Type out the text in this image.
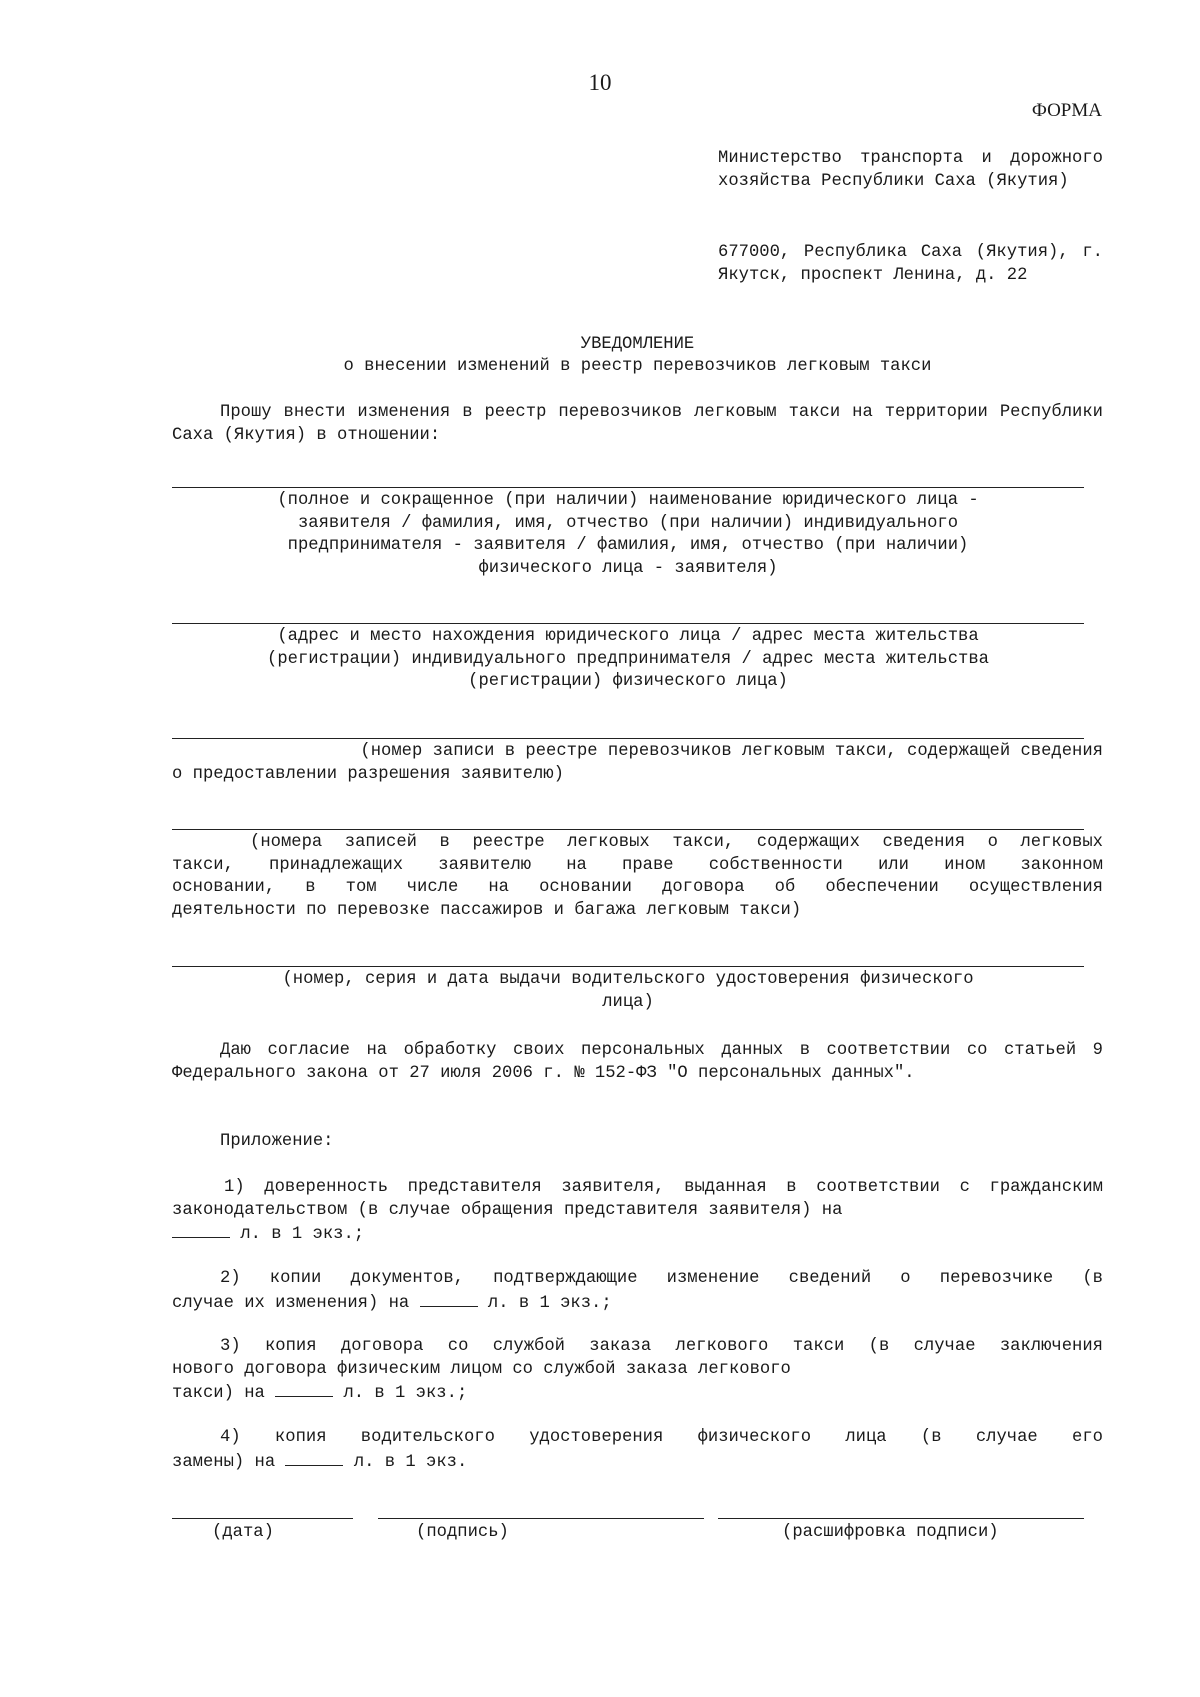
10
ФОРМА
Министерство транспорта и дорожного хозяйства Республики Саха (Якутия)
677000, Республика Саха (Якутия), г. Якутск, проспект Ленина, д. 22
УВЕДОМЛЕНИЕ
о внесении изменений в реестр перевозчиков легковым такси

Прошу внести изменения в реестр перевозчиков легковым такси на территории Республики Саха (Якутия) в отношении:

(полное и сокращенное (при наличии) наименование юридического лица -
заявителя / фамилия, имя, отчество (при наличии) индивидуального
предпринимателя - заявителя / фамилия, имя, отчество (при наличии)
физического лица - заявителя)
(адрес и место нахождения юридического лица / адрес места жительства
(регистрации) индивидуального предпринимателя / адрес места жительства
(регистрации) физического лица)
(номер записи в реестре перевозчиков легковым такси, содержащей сведения
о предоставлении разрешения заявителю)
(номера записей в реестре легковых такси, содержащих сведения о легковых
такси, принадлежащих заявителю на праве собственности или ином законном
основании, в том числе на основании договора об обеспечении осуществления
деятельности по перевозке пассажиров и багажа легковым такси)
(номер, серия и дата выдачи водительского удостоверения физического
лица)

Даю согласие на обработку своих персональных данных в соответствии со статьей 9 Федерального закона от 27 июля 2006 г. № 152-ФЗ "О персональных данных".

Приложение:

1) доверенность представителя заявителя, выданная в соответствии с гражданским законодательством (в случае обращения представителя заявителя) на

л. в 1 экз.;
2) копии документов, подтверждающие изменение сведений о перевозчике (в
случае их изменения) на	л. в 1 экз.;
3) копия договора со службой заказа легкового такси (в случае заключения
нового договора физическим лицом со службой заказа легкового
такси) на	л. в 1 экз.;
4) копия водительского удостоверения физического лица (в случае его
замены) на	л. в 1 экз.
(дата)	(подпись)	(расшифровка подписи)
